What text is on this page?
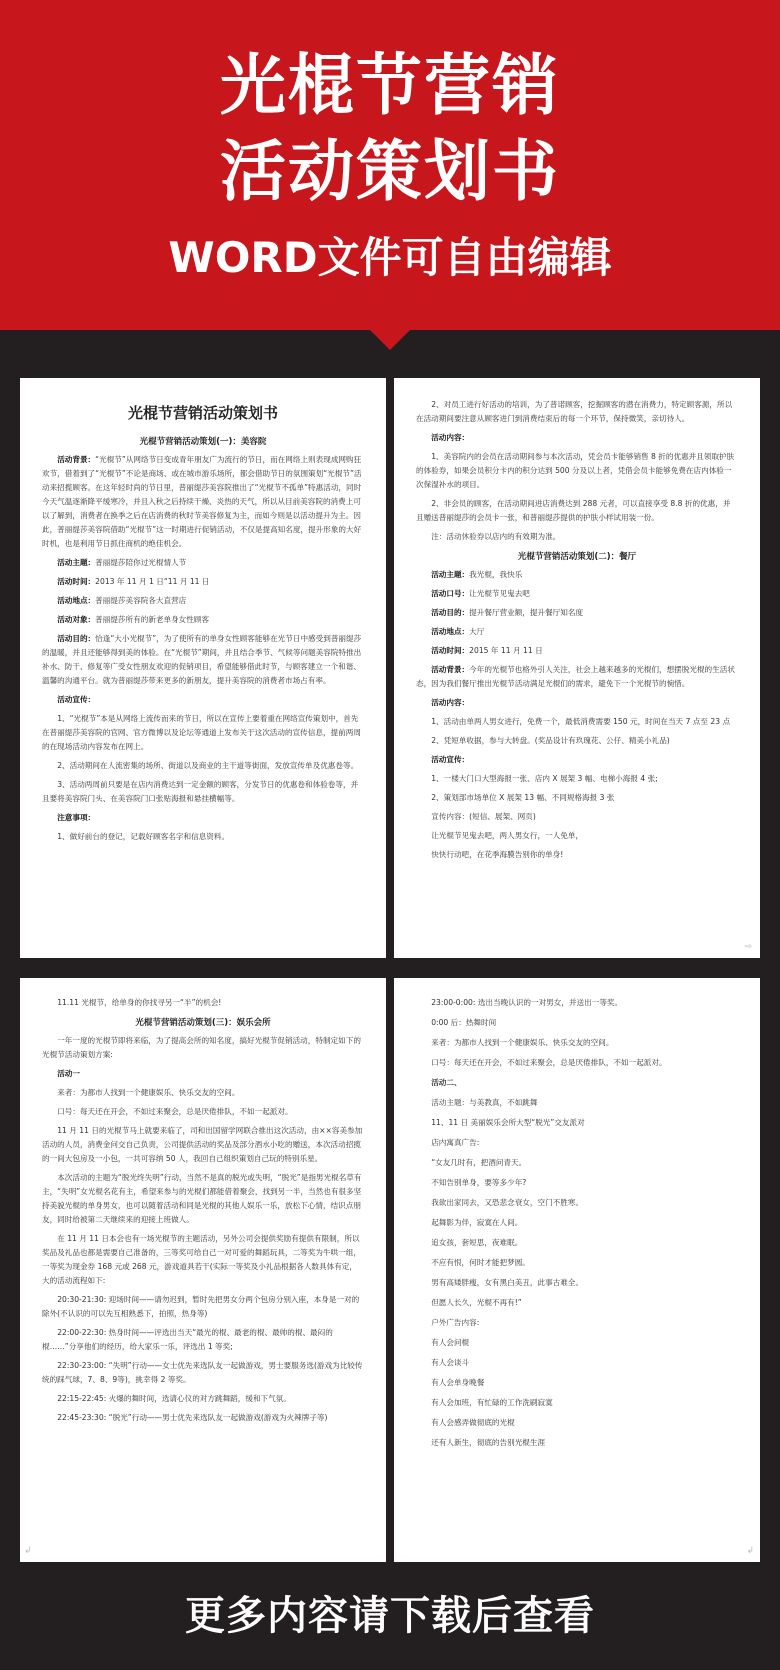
光棍节营销
活动策划书
WORD文件可自由编辑
光棍节营销活动策划书
光棍节营销活动策划(一)：美容院

活动背景：“光棍节”从网络节日变成青年朋友广为流行的节日，而在网络上则表现成网购狂欢节，借着到了“光棍节”不论是商场、或在城市游乐场所，都会借助节日的氛围策划“光棍节”活动来招揽顾客。在这年轻时尚的节日里，普丽缇莎美容院推出了“光棍节不孤单”特惠活动，同时今天气温逐渐降平缓寒冷，并且入秋之后持续干燥、炎热的天气，所以从目前美容院的消费上可以了解到，消费者在换季之后在店消费的秋时节美容修复为主，而如今则是以活动提升为主。因此，普丽缇莎美容院借助“光棍节”这一时期进行促销活动，不仅是提高知名度，提升形象的大好时机，也是利用节日抓住商机的绝佳机会。

活动主题：普丽缇莎陪你过光棍情人节

活动时间：2013 年 11 月 1 日“11 月 11 日

活动地点：普丽缇莎美容院各大直营店

活动对象：普丽缇莎所有的新老单身女性顾客

活动目的：恰逢“大小光棍节”，为了使所有的单身女性顾客能够在光节日中感受到普丽缇莎的温暖，并且还能够得到美的体验。在“光棍节”期间，并且结合季节、气候等问题美容院特推出补水、防干、修复等广受女性朋友欢迎的促销项目，希望能够借此时节，与顾客建立一个和谐、温馨的沟通平台。就为普丽缇莎带来更多的新朋友，提升美容院的消费者市场占有率。

活动宣传：

1、“光棍节”本是从网络上流传而来的节日，所以在宣传上要着重在网络宣传策划中，首先在普丽缇莎美容院的官网、官方微博以及论坛等通道上发布关于这次活动的宣传信息，提前两周的在现场活动内容发布在网上。

2、活动期间在人流密集的场所、街道以及商业的主干道等街面，发放宣传单及优惠卷等。

3、活动两周前只要是在店内消费达到一定金额的顾客，分发节日的优惠卷和体验卷等，并且要将美容院门头、在美容院门口张贴海报和悬挂横幅等。

注意事项：

1、做好前台的登记，记载好顾客名字和信息资料。

2、对员工进行好活动的培训，为了普诺顾客，挖掘顾客的潜在消费力，特定顾客源，所以在活动期间要注意从顾客进门到消费结束后的每一个环节，保持微笑，亲切待人。

活动内容：

1、美容院内的会员在活动期间参与本次活动，凭会员卡能够销售 8 折的优惠并且领取护肤的体验券，如果会员积分卡内的积分达到 500 分及以上者，凭借会员卡能够免费在店内体验一次保湿补水的项目。

2、非会员的顾客，在活动期间进店消费达到 288 元者，可以直接享受 8.8 折的优惠，并且赠送普丽缇莎的会员卡一张，和普丽缇莎提供的护肤小样试用装一份。

注：活动休验券以店内的有效期为准。

光棍节营销活动策划(二)：餐厅

活动主题：我光棍，我快乐

活动口号：让光棍节见鬼去吧

活动目的：提升餐厅营业额，提升餐厅知名度

活动地点：大厅

活动时间：2015 年 11 月 11 日

活动背景：今年的光棍节也格外引人关注，社会上越来越多的光棍们，想摆脱光棍的生活状态，因为我们餐厅推出光棍节活动满足光棍们的需求，避免下一个光棍节的惋惜。

活动内容：

1、活动由单两人男女进行，免费一个，最低消费需要 150 元，时间在当天 7 点至 23 点

2、凭短单收据，参与大转盘。(奖品设计有玖瑰花、公仔、精美小礼品)

活动宣传：

1、一楼大门口大型海报一张、店内 X 展架 3 幅、电梯小海报 4 张;

2、策划部市场单位 X 展架 13 幅、不同规格海报 3 张

宣传内容：(短信、展架、网页)

让光棍节见鬼去吧，两人男女行，一人免单，

快快行动吧，在花季海膜告别你的单身!

⇨

11.11 光棍节，给单身的你找寻另一“半”的机会!

光棍节营销活动策划(三)：娱乐会所

一年一度的光棍节即将来临，为了提高会所的知名度，搞好光棍节促销活动，特制定如下的光棍节活动策划方案:

活动一

来者：为都市人找到一个健康娱乐、快乐交友的空间。

口号：每天还在开会，不如过来聚会，总是厌倦排队，不如一起派对。

11 月 11 日的光棍节马上就要来临了，司和出国留学网联合推出这次活动，由××容美参加活动的人员，消费金问交自己负责，公司提供活动的奖品及部分酒水小吃的赠送，本次活动招揽的一间大包房及一小包，一共可容纳 50 人，我回自己组织策划自己玩的特别乐星。

本次活动的主题为“脱光终失明”行动，当然不是真的脱光或失明，“脱光”是指男光棍名草有主，“失明”女光棍名花有主，希望来参与的光棍们都能借着聚会，找到另一半，当然也有很多坚持美貌光棍的单身男女，也可以随着活动和同是光棍的其他人娱乐一乐，放松下心情，结识点朋友，同时给被第二天继续来的迎接上班做人。

在 11 月 11 日本会也有一场光棍节的主题活动，另外公司会提供奖励有提供有限制，所以奖品及礼品也都是需要自己准备的，三等奖可给自己一对可爱的舞蹈玩具，二等奖为牛哄一组，一等奖为现金券 168 元或 268 元，游戏道具若干(实际一等奖及小礼品根据各人数具体有定，大的活动流程如下:

20:30-21:30: 迎场时间——请勿迟到，暂时先把男女分两个包房分别入座，本身是一对的除外(不认识的可以先互相熟悉下，拍照，热身等)

22:00-22:30: 热身时间——评选出当天“最光的棍、最老的棍、最帅的棍、最闷的棍……”分享他们的经历，给大家乐一乐，评选出 1 等奖;

22:30-23:00: “失明”行动——女士优先来选队友一起做游戏，男士要服务选(游戏为比较传统的踩气球，7、8、9等)，挑幸得 2 等奖。

22:15-22:45: 火爆的舞时间，选请心仪的对方跳舞蹈，缓和下气氛。

22:45-23:30: “脱光”行动——男士优先来选队友一起做游戏(游戏为火辣牌子等)

↲

23:00-0:00: 选出当晚认识的一对男女，并送出一等奖。

0:00 后：热舞时间

来者：为都市人找到一个健康娱乐、快乐交友的空间。

口号：每天还在开会，不如过来聚会，总是厌倦排队，不如一起派对。

活动二、

活动主题：与美教真，不如跳舞

11、11 日 美丽娱乐会所大型“脱光”交友派对

店内寓真广告:

“女友几时有，把酒问青天。

不知告别单身，要等多少年?

我欲出家同去，又恐悲念衰女，空门不胜寒。

起舞影为伴，寂寞在人间。

追女孩，套短思，夜难眠。

不应有恨，何时才能把梦圆。

男有高矮胖瘦，女有黑白美丑，此事古难全。

但愿人长久，光棍不再有!”

户外广告内容:

有人会问棍

有人会谈斗

有人会单身晚餐

有人会加班，有忙碌的工作洗刷寂寞

有人会感弄做彻底的光棍

还有人新生，彻底的告别光棍生涯

↲
更多内容请下载后查看
